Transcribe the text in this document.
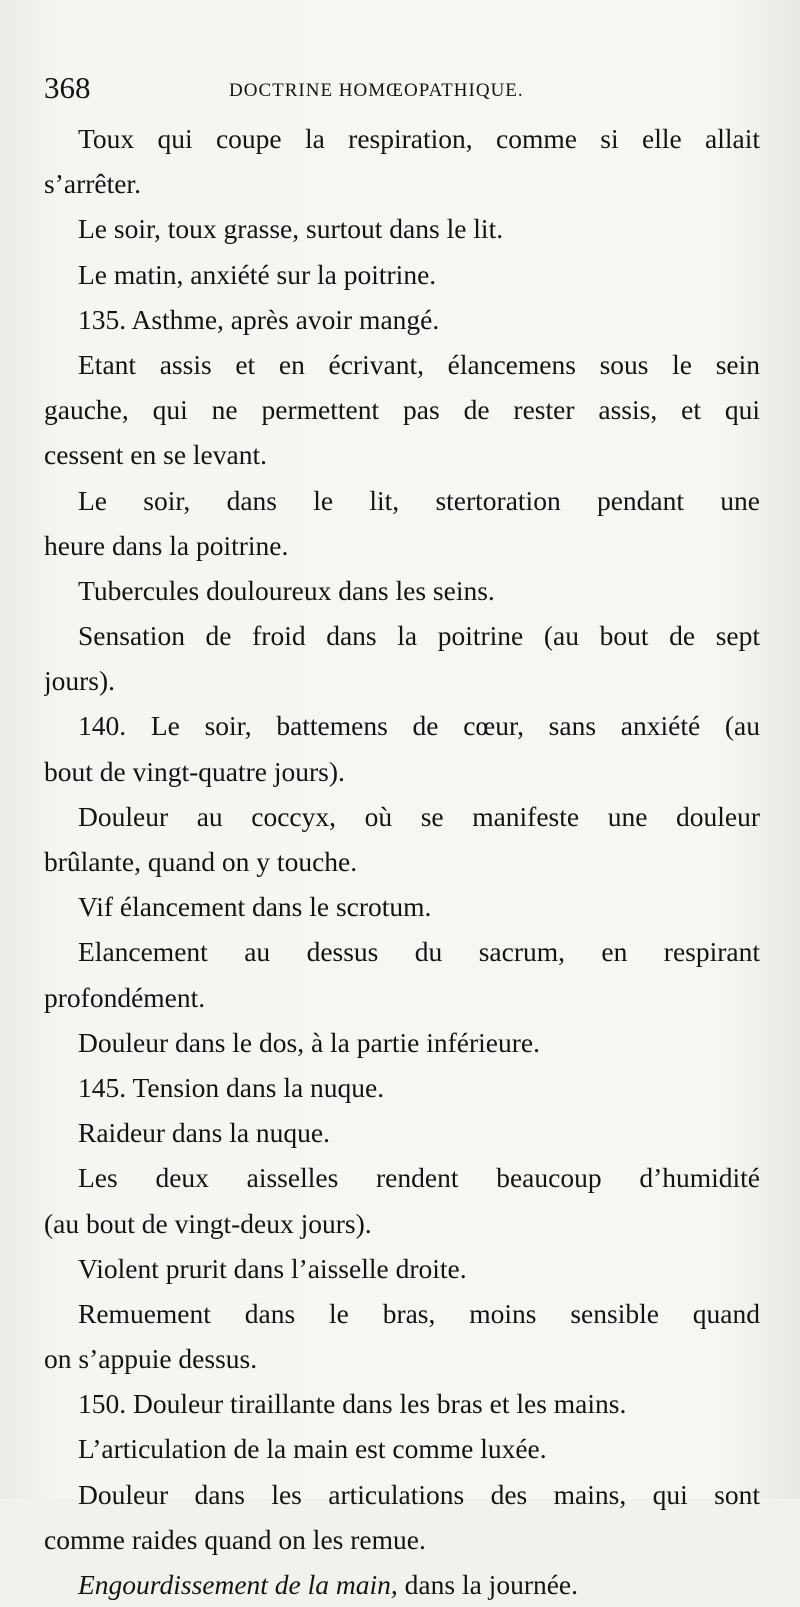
368	DOCTRINE HOMŒOPATHIQUE.
Toux qui coupe la respiration, comme si elle allait
s’arrêter.
Le soir, toux grasse, surtout dans le lit.
Le matin, anxiété sur la poitrine.
135. Asthme, après avoir mangé.
Etant assis et en écrivant, élancemens sous le sein
gauche, qui ne permettent pas de rester assis, et qui
cessent en se levant.
Le soir, dans le lit, stertoration pendant une
heure dans la poitrine.
Tubercules douloureux dans les seins.
Sensation de froid dans la poitrine (au bout de sept
jours).
140. Le soir, battemens de cœur, sans anxiété (au
bout de vingt-quatre jours).
Douleur au coccyx, où se manifeste une douleur
brûlante, quand on y touche.
Vif élancement dans le scrotum.
Elancement au dessus du sacrum, en respirant
profondément.
Douleur dans le dos, à la partie inférieure.
145. Tension dans la nuque.
Raideur dans la nuque.
Les deux aisselles rendent beaucoup d’humidité
(au bout de vingt-deux jours).
Violent prurit dans l’aisselle droite.
Remuement dans le bras, moins sensible quand
on s’appuie dessus.
150. Douleur tiraillante dans les bras et les mains.
L’articulation de la main est comme luxée.
Douleur dans les articulations des mains, qui sont
comme raides quand on les remue.
Engourdissement de la main, dans la journée.
